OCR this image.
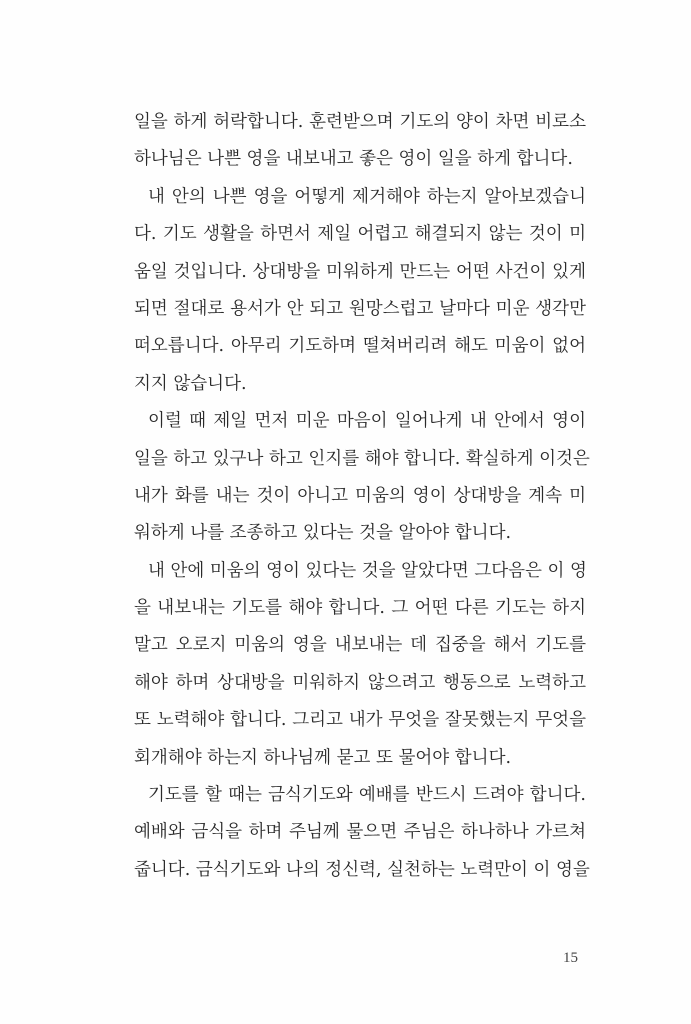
일을 하게 허락합니다. 훈련받으며 기도의 양이 차면 비로소
하나님은 나쁜 영을 내보내고 좋은 영이 일을 하게 합니다.
내 안의 나쁜 영을 어떻게 제거해야 하는지 알아보겠습니
다. 기도 생활을 하면서 제일 어렵고 해결되지 않는 것이 미
움일 것입니다. 상대방을 미워하게 만드는 어떤 사건이 있게
되면 절대로 용서가 안 되고 원망스럽고 날마다 미운 생각만
떠오릅니다. 아무리 기도하며 떨쳐버리려 해도 미움이 없어
지지 않습니다.
이럴 때 제일 먼저 미운 마음이 일어나게 내 안에서 영이
일을 하고 있구나 하고 인지를 해야 합니다. 확실하게 이것은
내가 화를 내는 것이 아니고 미움의 영이 상대방을 계속 미
워하게 나를 조종하고 있다는 것을 알아야 합니다.
내 안에 미움의 영이 있다는 것을 알았다면 그다음은 이 영
을 내보내는 기도를 해야 합니다. 그 어떤 다른 기도는 하지
말고 오로지 미움의 영을 내보내는 데 집중을 해서 기도를
해야 하며 상대방을 미워하지 않으려고 행동으로 노력하고
또 노력해야 합니다. 그리고 내가 무엇을 잘못했는지 무엇을
회개해야 하는지 하나님께 묻고 또 물어야 합니다.
기도를 할 때는 금식기도와 예배를 반드시 드려야 합니다.
예배와 금식을 하며 주님께 물으면 주님은 하나하나 가르쳐
줍니다. 금식기도와 나의 정신력, 실천하는 노력만이 이 영을
15
